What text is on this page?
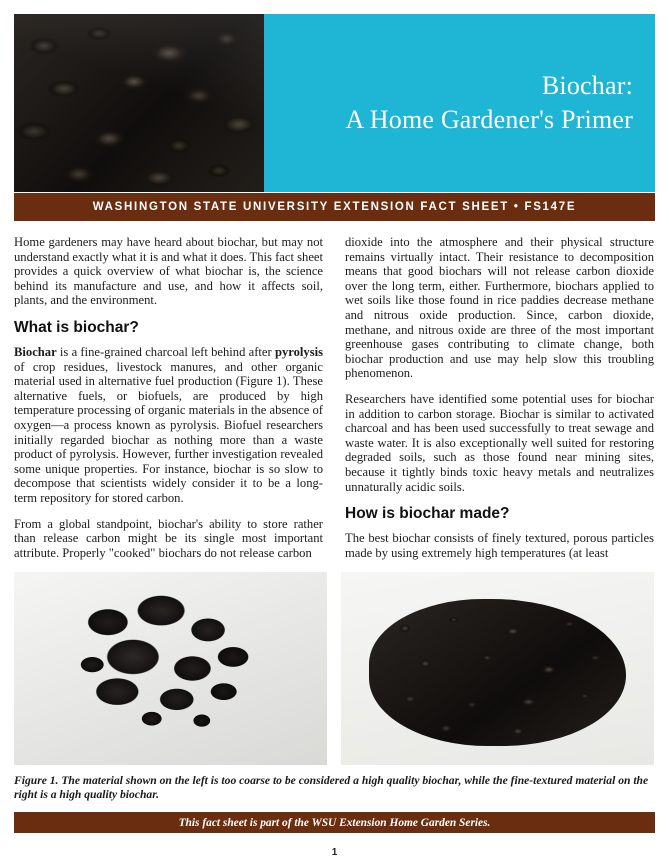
Biochar:
A Home Gardener's Primer
WASHINGTON STATE UNIVERSITY EXTENSION FACT SHEET • FS147E

Home gardeners may have heard about biochar, but may not understand exactly what it is and what it does. This fact sheet provides a quick overview of what biochar is, the science behind its manufacture and use, and how it affects soil, plants, and the environment.

What is biochar?

Biochar is a fine-grained charcoal left behind after pyrolysis of crop residues, livestock manures, and other organic material used in alternative fuel production (Figure 1). These alternative fuels, or biofuels, are produced by high temperature processing of organic materials in the absence of oxygen—a process known as pyrolysis. Biofuel researchers initially regarded biochar as nothing more than a waste product of pyrolysis. However, further investigation revealed some unique properties. For instance, biochar is so slow to decompose that scientists widely consider it to be a long-term repository for stored carbon.

From a global standpoint, biochar's ability to store rather than release carbon might be its single most important attribute. Properly "cooked" biochars do not release carbon

dioxide into the atmosphere and their physical structure remains virtually intact. Their resistance to decomposition means that good biochars will not release carbon dioxide over the long term, either. Furthermore, biochars applied to wet soils like those found in rice paddies decrease methane and nitrous oxide production. Since, carbon dioxide, methane, and nitrous oxide are three of the most important greenhouse gases contributing to climate change, both biochar production and use may help slow this troubling phenomenon.

Researchers have identified some potential uses for biochar in addition to carbon storage. Biochar is similar to activated charcoal and has been used successfully to treat sewage and waste water. It is also exceptionally well suited for restoring degraded soils, such as those found near mining sites, because it tightly binds toxic heavy metals and neutralizes unnaturally acidic soils.

How is biochar made?

The best biochar consists of finely textured, porous particles made by using extremely high temperatures (at least

Figure 1. The material shown on the left is too coarse to be considered a high quality biochar, while the fine-textured material on the right is a high quality biochar.
This fact sheet is part of the WSU Extension Home Garden Series.
1
